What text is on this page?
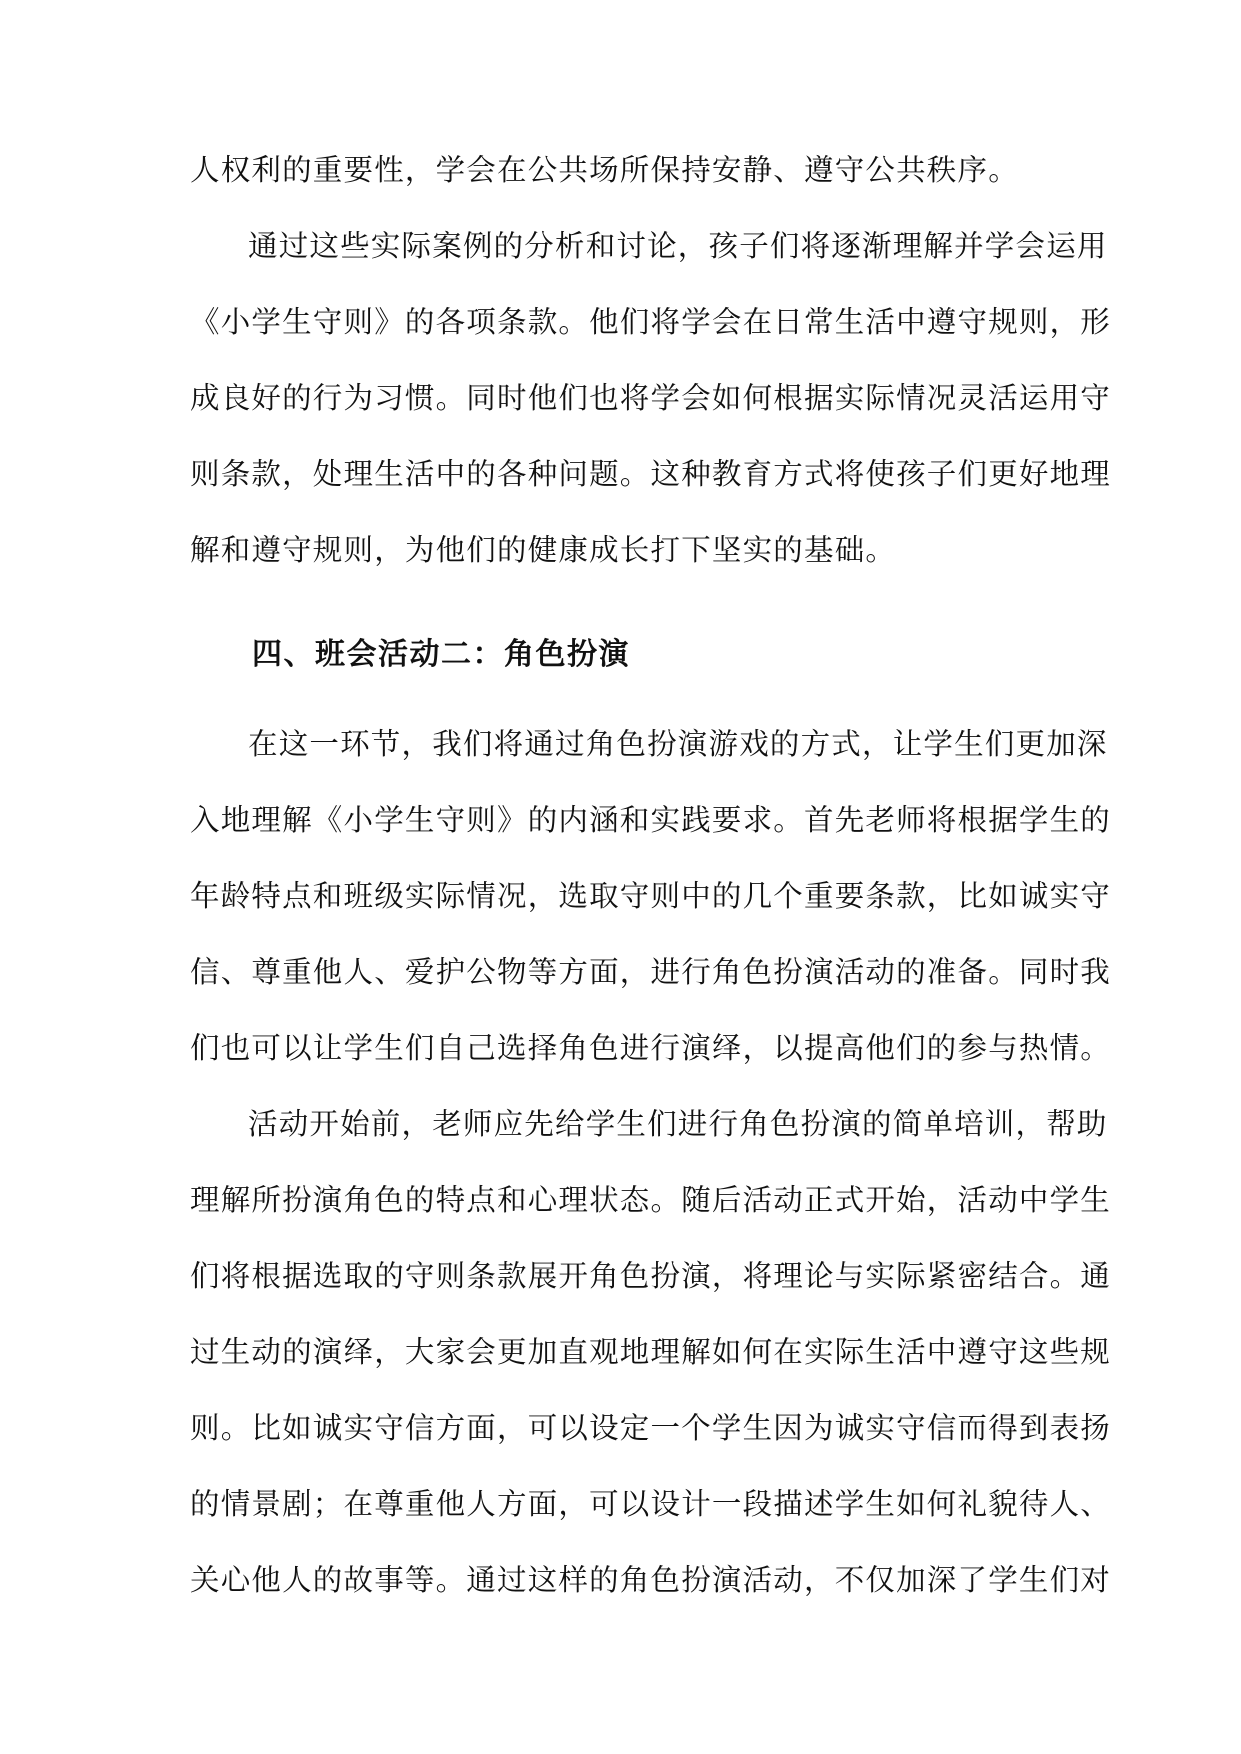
人权利的重要性，学会在公共场所保持安静、遵守公共秩序。
通过这些实际案例的分析和讨论，孩子们将逐渐理解并学会运用
《小学生守则》的各项条款。他们将学会在日常生活中遵守规则，形
成良好的行为习惯。同时他们也将学会如何根据实际情况灵活运用守
则条款，处理生活中的各种问题。这种教育方式将使孩子们更好地理
解和遵守规则，为他们的健康成长打下坚实的基础。
四、班会活动二：角色扮演
在这一环节，我们将通过角色扮演游戏的方式，让学生们更加深
入地理解《小学生守则》的内涵和实践要求。首先老师将根据学生的
年龄特点和班级实际情况，选取守则中的几个重要条款，比如诚实守
信、尊重他人、爱护公物等方面，进行角色扮演活动的准备。同时我
们也可以让学生们自己选择角色进行演绎，以提高他们的参与热情。
活动开始前，老师应先给学生们进行角色扮演的简单培训，帮助
理解所扮演角色的特点和心理状态。随后活动正式开始，活动中学生
们将根据选取的守则条款展开角色扮演，将理论与实际紧密结合。通
过生动的演绎，大家会更加直观地理解如何在实际生活中遵守这些规
则。比如诚实守信方面，可以设定一个学生因为诚实守信而得到表扬
的情景剧；在尊重他人方面，可以设计一段描述学生如何礼貌待人、
关心他人的故事等。通过这样的角色扮演活动，不仅加深了学生们对
